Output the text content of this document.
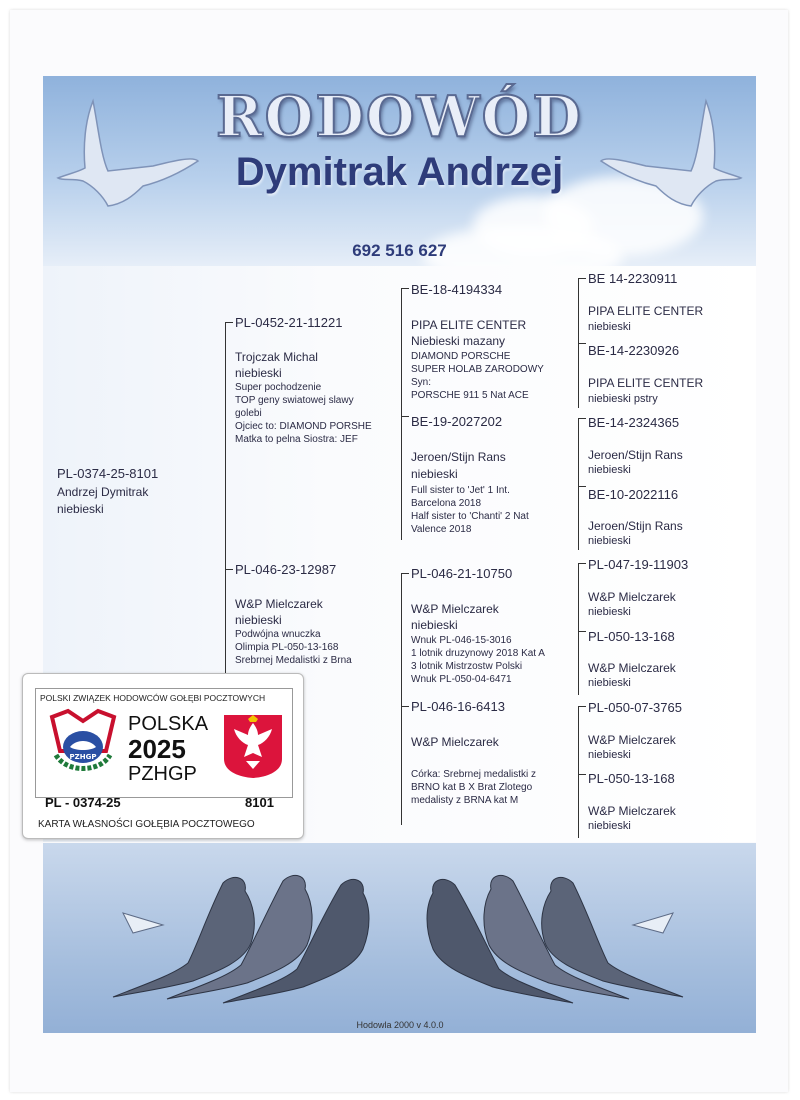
RODOWÓD
Dymitrak Andrzej
692 516 627
PL-0374-25-8101
Andrzej Dymitrak
niebieski
PL-0452-21-11221
Trojczak Michal
niebieski
Super pochodzenie
TOP geny swiatowej slawy
golebi
Ojciec to: DIAMOND PORSHE
Matka to pelna Siostra: JEF
PL-046-23-12987
W&P Mielczarek
niebieski
Podwójna wnuczka
Olimpia PL-050-13-168
Srebrnej Medalistki z Brna
BE-18-4194334
PIPA ELITE CENTER
Niebieski mazany
DIAMOND PORSCHE
SUPER HOLAB ZARODOWY
Syn:
PORSCHE 911 5 Nat ACE
BE-19-2027202
Jeroen/Stijn Rans
niebieski
Full sister to 'Jet' 1 Int.
Barcelona 2018
Half sister to 'Chanti' 2 Nat
Valence 2018
PL-046-21-10750
W&P Mielczarek
niebieski
Wnuk PL-046-15-3016
1 lotnik druzynowy 2018 Kat A
3 lotnik Mistrzostw Polski
Wnuk PL-050-04-6471
PL-046-16-6413
W&P Mielczarek
Córka: Srebrnej medalistki z
BRNO kat B X Brat Zlotego
medalisty z BRNA kat M
BE 14-2230911
PIPA ELITE CENTER
niebieski
BE-14-2230926
PIPA ELITE CENTER
niebieski pstry
BE-14-2324365
Jeroen/Stijn Rans
niebieski
BE-10-2022116
Jeroen/Stijn Rans
niebieski
PL-047-19-11903
W&P Mielczarek
niebieski
PL-050-13-168
W&P Mielczarek
niebieski
PL-050-07-3765
W&P Mielczarek
niebieski
PL-050-13-168
W&P Mielczarek
niebieski
POLSKI ZWIĄZEK HODOWCÓW GOŁĘBI POCZTOWYCH
PZHGP
POLSKA
2025
PZHGP
PL - 0374-25	8101
KARTA WŁASNOŚCI GOŁĘBIA POCZTOWEGO
Hodowla 2000 v 4.0.0
